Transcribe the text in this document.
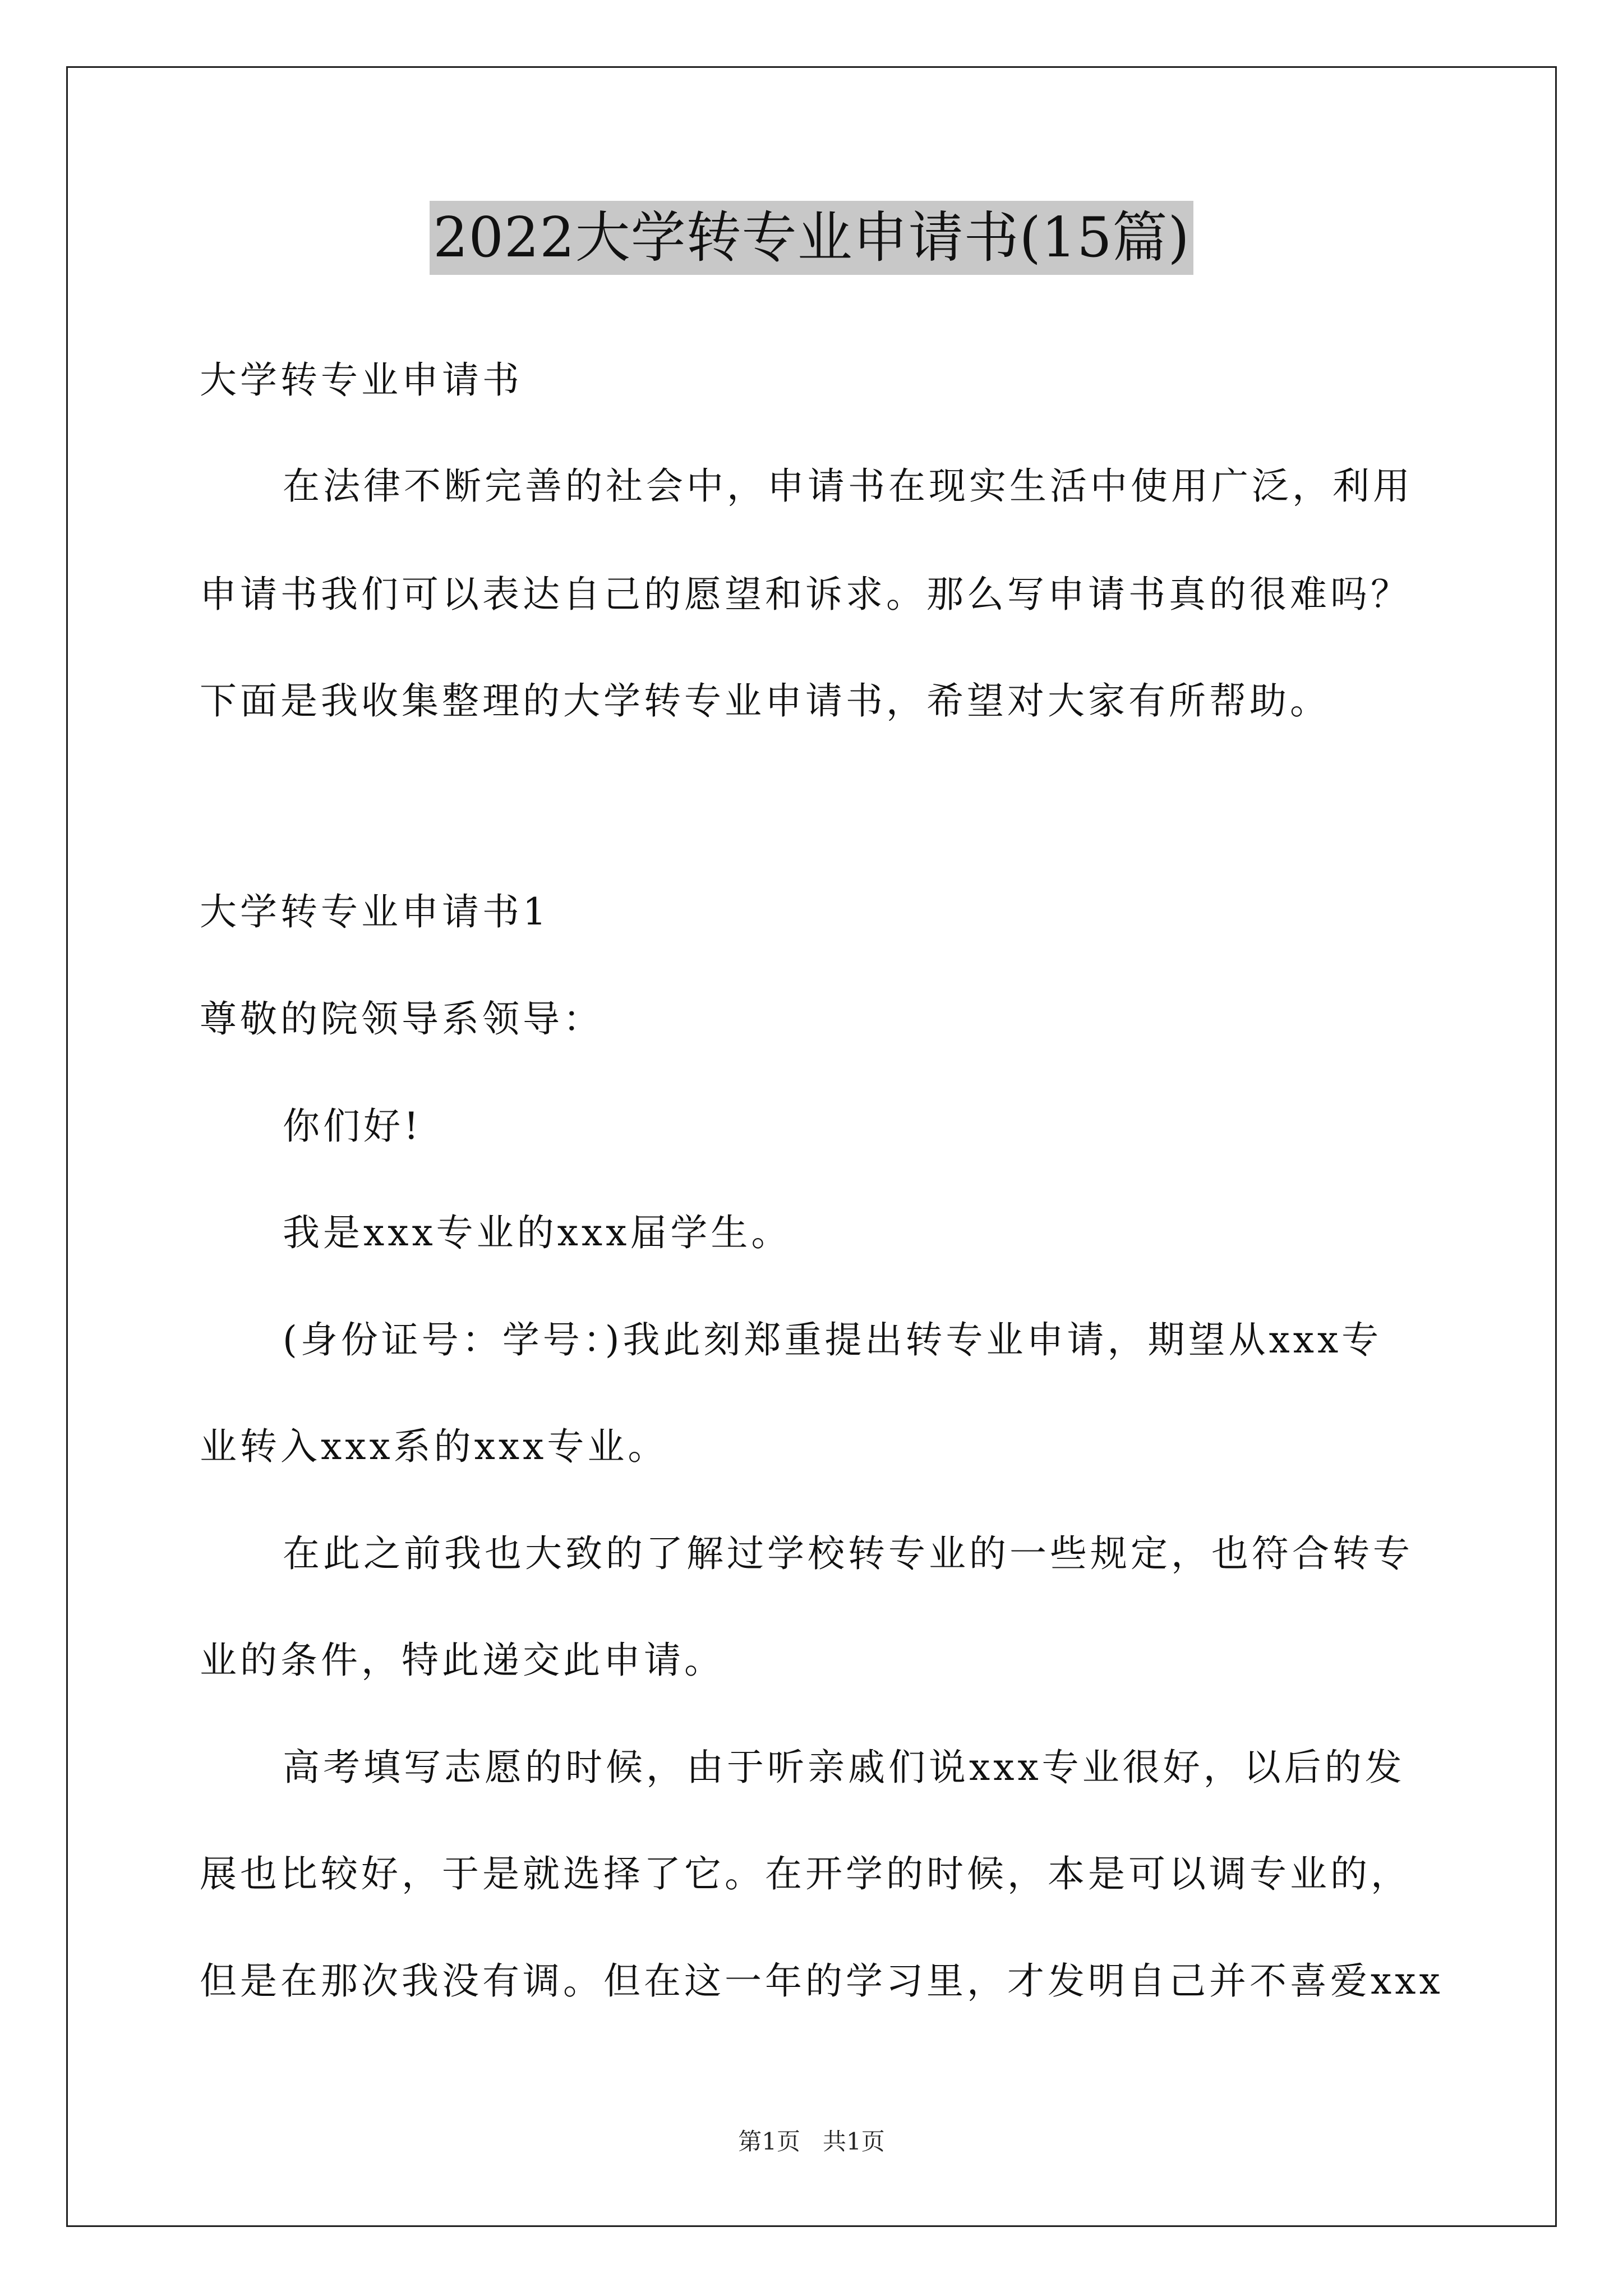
2022大学转专业申请书(15篇)
大学转专业申请书
在法律不断完善的社会中，申请书在现实生活中使用广泛，利用
申请书我们可以表达自己的愿望和诉求。那么写申请书真的很难吗？
下面是我收集整理的大学转专业申请书，希望对大家有所帮助。
大学转专业申请书1
尊敬的院领导系领导：
你们好!
我是xxx专业的xxx届学生。
(身份证号：学号：)我此刻郑重提出转专业申请，期望从xxx专
业转入xxx系的xxx专业。
在此之前我也大致的了解过学校转专业的一些规定，也符合转专
业的条件，特此递交此申请。
高考填写志愿的时候，由于听亲戚们说xxx专业很好，以后的发
展也比较好，于是就选择了它。在开学的时候，本是可以调专业的，
但是在那次我没有调。但在这一年的学习里，才发明自己并不喜爱xxx
第1页   共1页
